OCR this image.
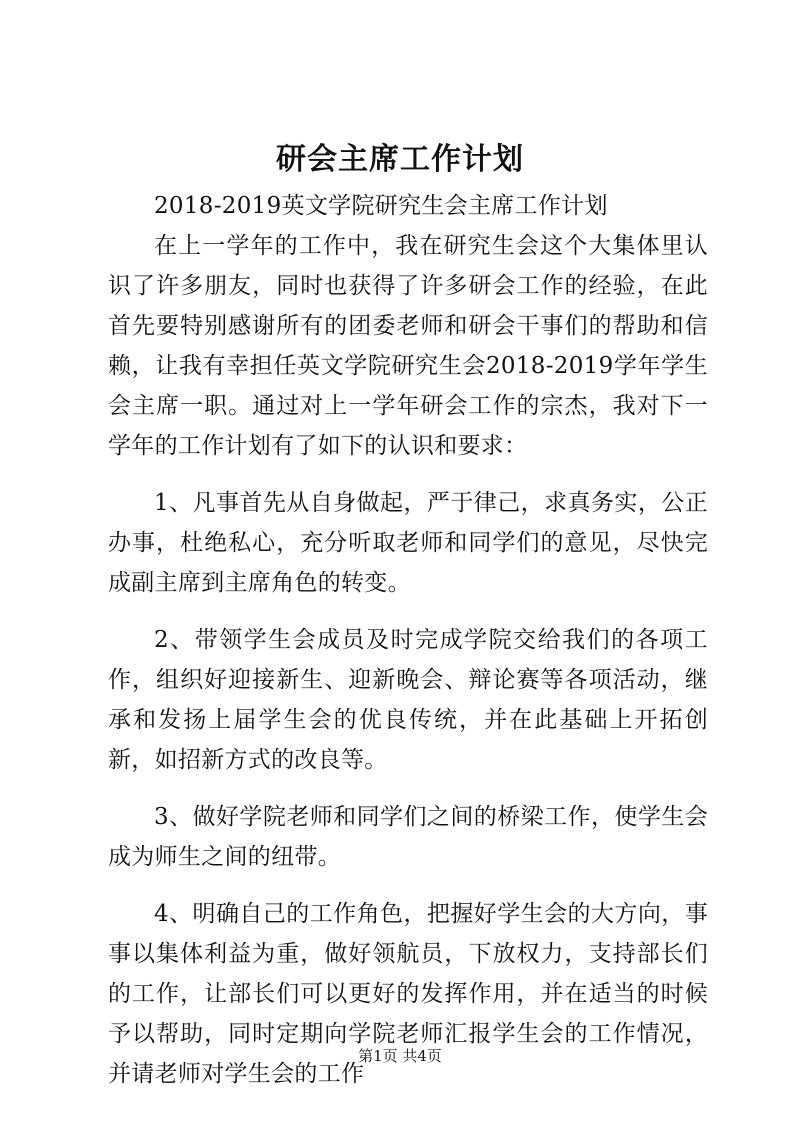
研会主席工作计划

2018-2019英文学院研究生会主席工作计划

在上一学年的工作中，我在研究生会这个大集体里认识了许多朋友，同时也获得了许多研会工作的经验，在此首先要特别感谢所有的团委老师和研会干事们的帮助和信赖，让我有幸担任英文学院研究生会2018-2019学年学生会主席一职。通过对上一学年研会工作的宗杰，我对下一学年的工作计划有了如下的认识和要求：

1、凡事首先从自身做起，严于律己，求真务实，公正办事，杜绝私心，充分听取老师和同学们的意见，尽快完成副主席到主席角色的转变。

2、带领学生会成员及时完成学院交给我们的各项工作，组织好迎接新生、迎新晚会、辩论赛等各项活动，继承和发扬上届学生会的优良传统，并在此基础上开拓创新，如招新方式的改良等。

3、做好学院老师和同学们之间的桥梁工作，使学生会成为师生之间的纽带。

4、明确自己的工作角色，把握好学生会的大方向，事事以集体利益为重，做好领航员，下放权力，支持部长们的工作，让部长们可以更好的发挥作用，并在适当的时候予以帮助，同时定期向学院老师汇报学生会的工作情况，并请老师对学生会的工作

第1页 共4页
